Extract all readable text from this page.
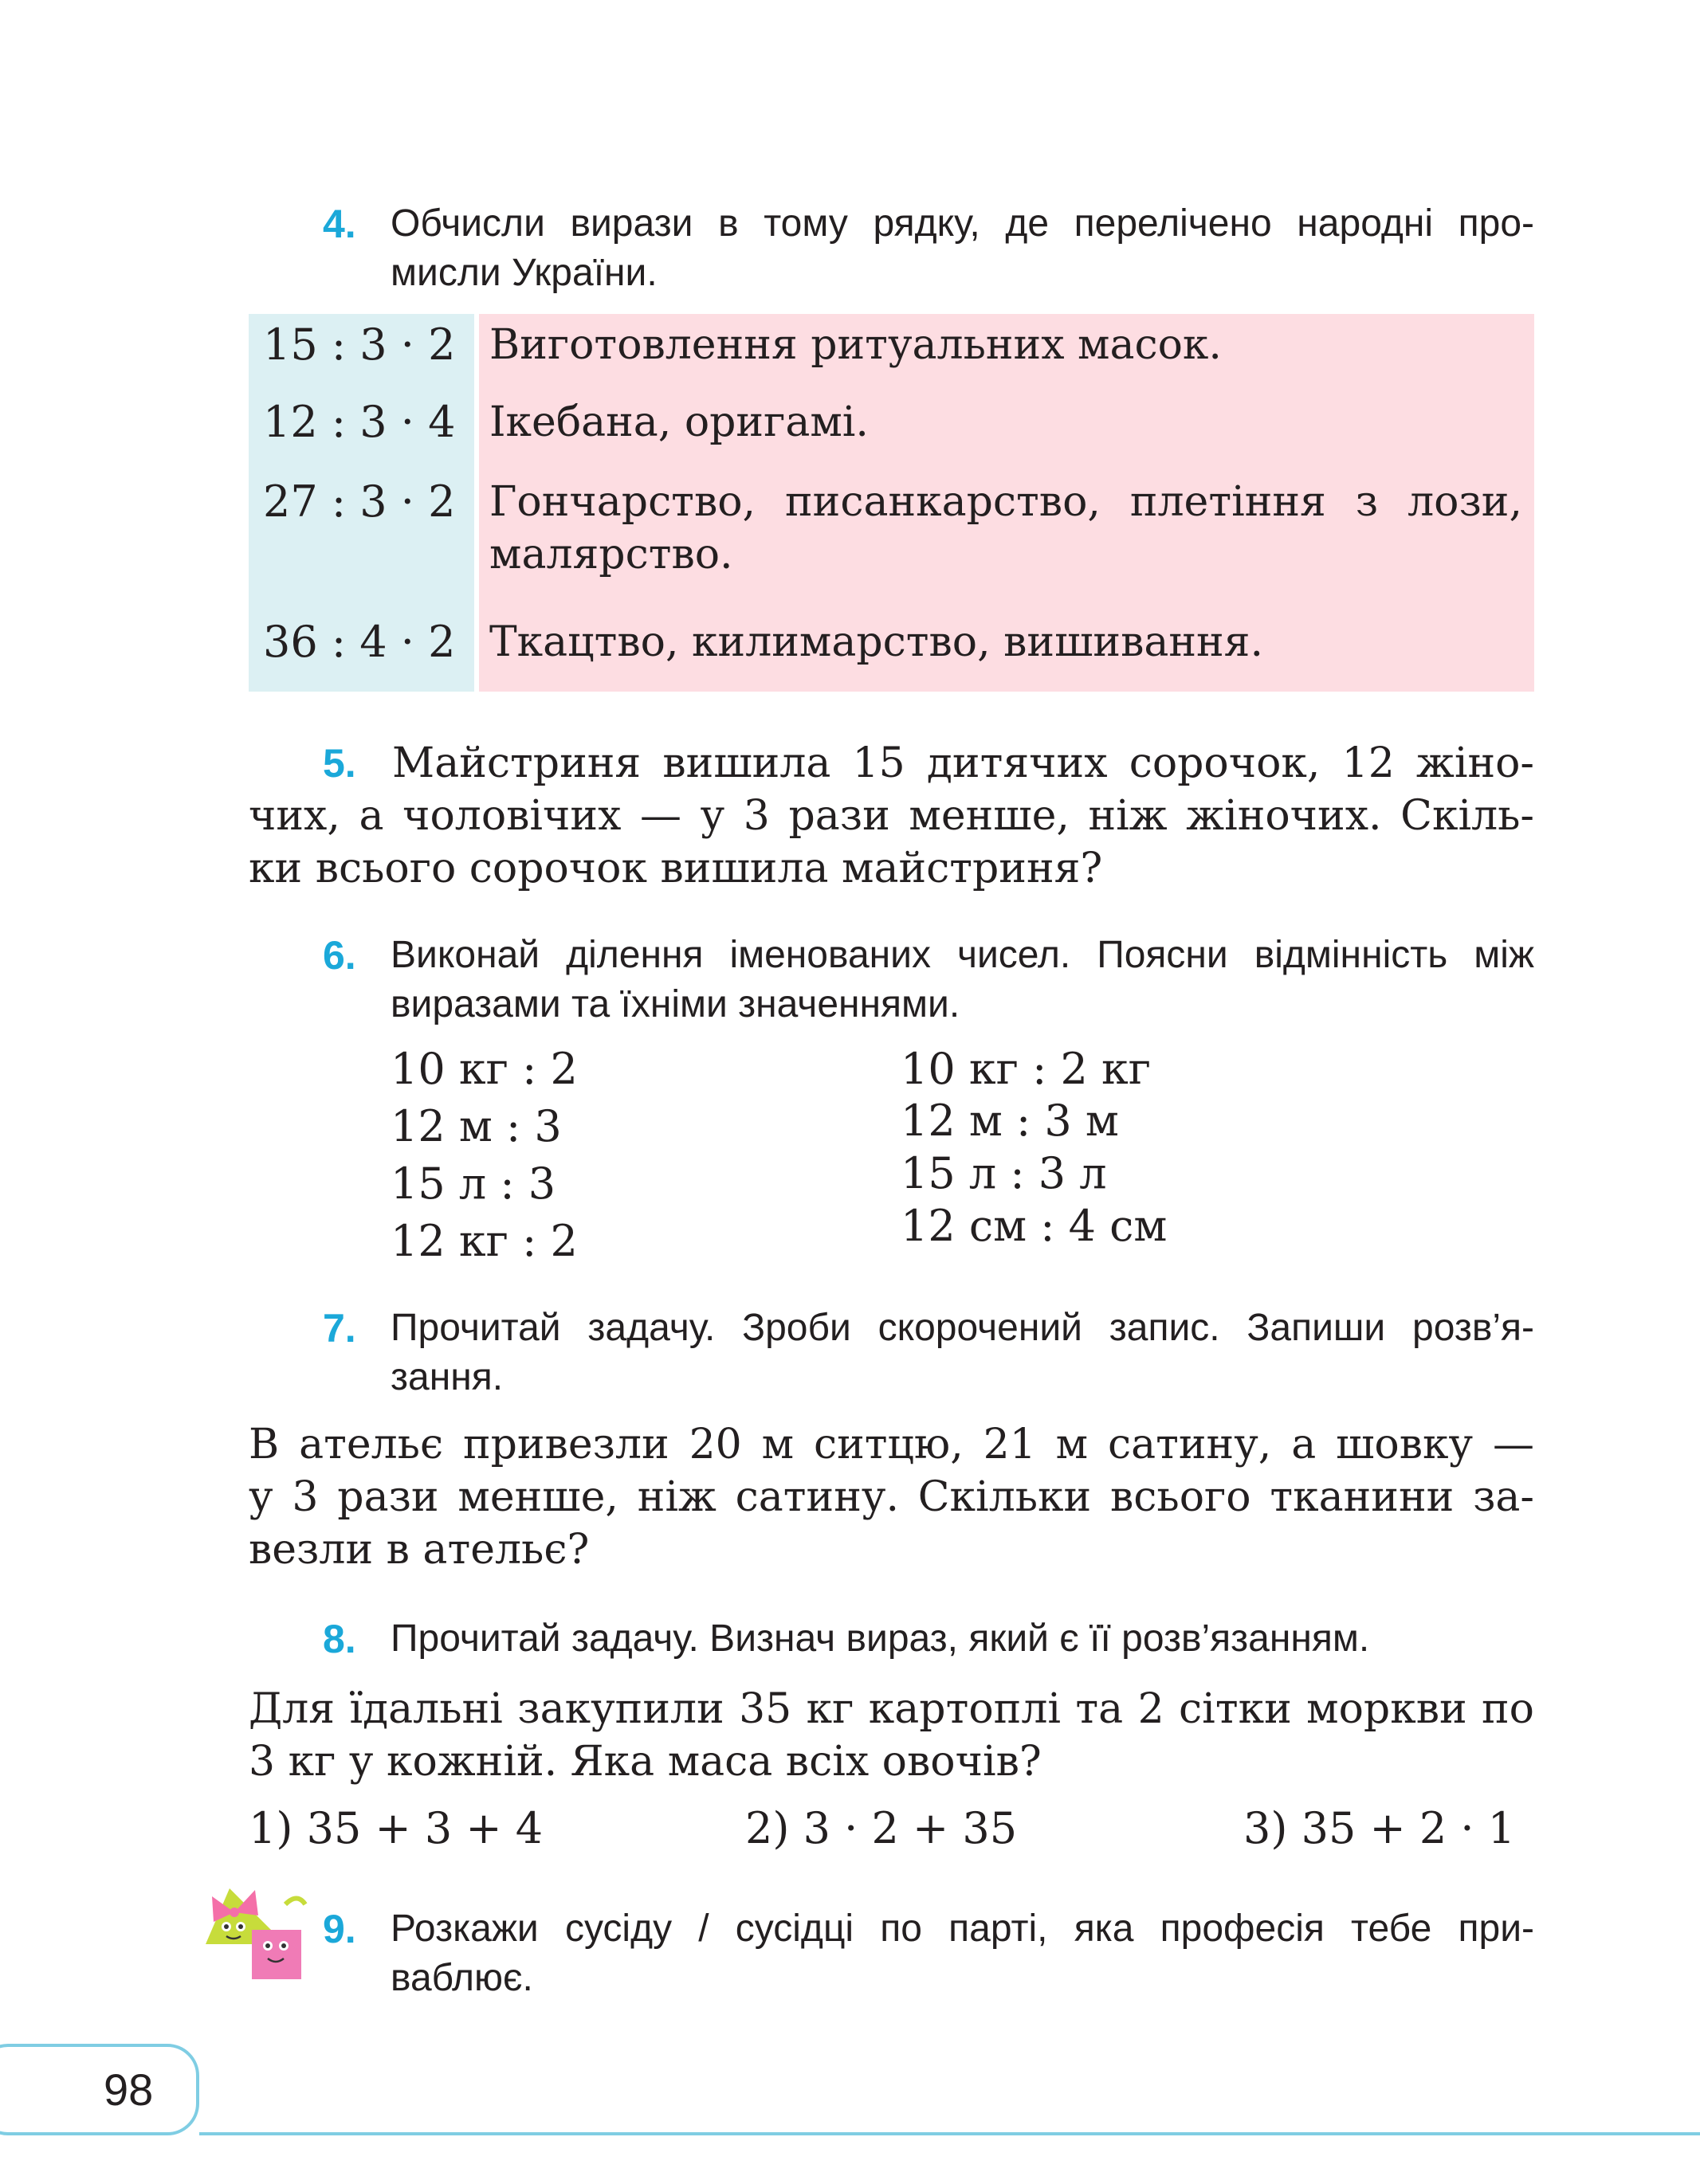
4. Обчисли вирази в тому рядку, де перелічено народні про-
мисли України.
15 : 3 · 2 Виготовлення ритуальних масок.
12 : 3 · 4 Ікебана, оригамі.
27 : 3 · 2 Гончарство, писанкарство, плетіння з лози,
малярство.
36 : 4 · 2 Ткацтво, килимарство, вишивання.
5. Майстриня вишила 15 дитячих сорочок, 12 жіно-
чих, а чоловічих — у 3 рази менше, ніж жіночих. Скіль-
ки всього сорочок вишила майстриня?
6. Виконай ділення іменованих чисел. Поясни відмінність між
виразами та їхніми значеннями.
10 кг : 2
12 м : 3
15 л : 3
12 кг : 2
10 кг : 2 кг
12 м : 3 м
15 л : 3 л
12 см : 4 см
7. Прочитай задачу. Зроби скорочений запис. Запиши розв’я-
зання.
В ательє привезли 20 м ситцю, 21 м сатину, а шовку —
у 3 рази менше, ніж сатину. Скільки всього тканини за-
везли в ательє?
8. Прочитай задачу. Визнач вираз, який є її розв’язанням.
Для їдальні закупили 35 кг картоплі та 2 сітки моркви по
3 кг у кожній. Яка маса всіх овочів?
1) 35 + 3 + 4	2) 3 · 2 + 35	3) 35 + 2 · 1
9. Розкажи сусіду / сусідці по парті, яка професія тебе при-
ваблює.
98
